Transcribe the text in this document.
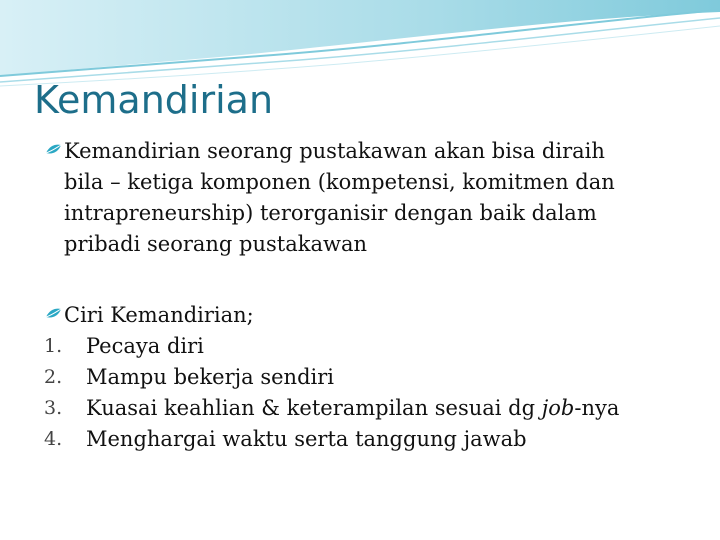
Kemandirian
Kemandirian seorang pustakawan akan bisa diraih
bila – ketiga komponen (kompetensi, komitmen dan intrapreneurship) terorganisir dengan baik dalam pribadi seorang pustakawan
Ciri Kemandirian;
1.	Pecaya diri
2.	Mampu bekerja sendiri
3.	Kuasai keahlian & keterampilan sesuai dg job-nya
4.	Menghargai waktu serta tanggung jawab
